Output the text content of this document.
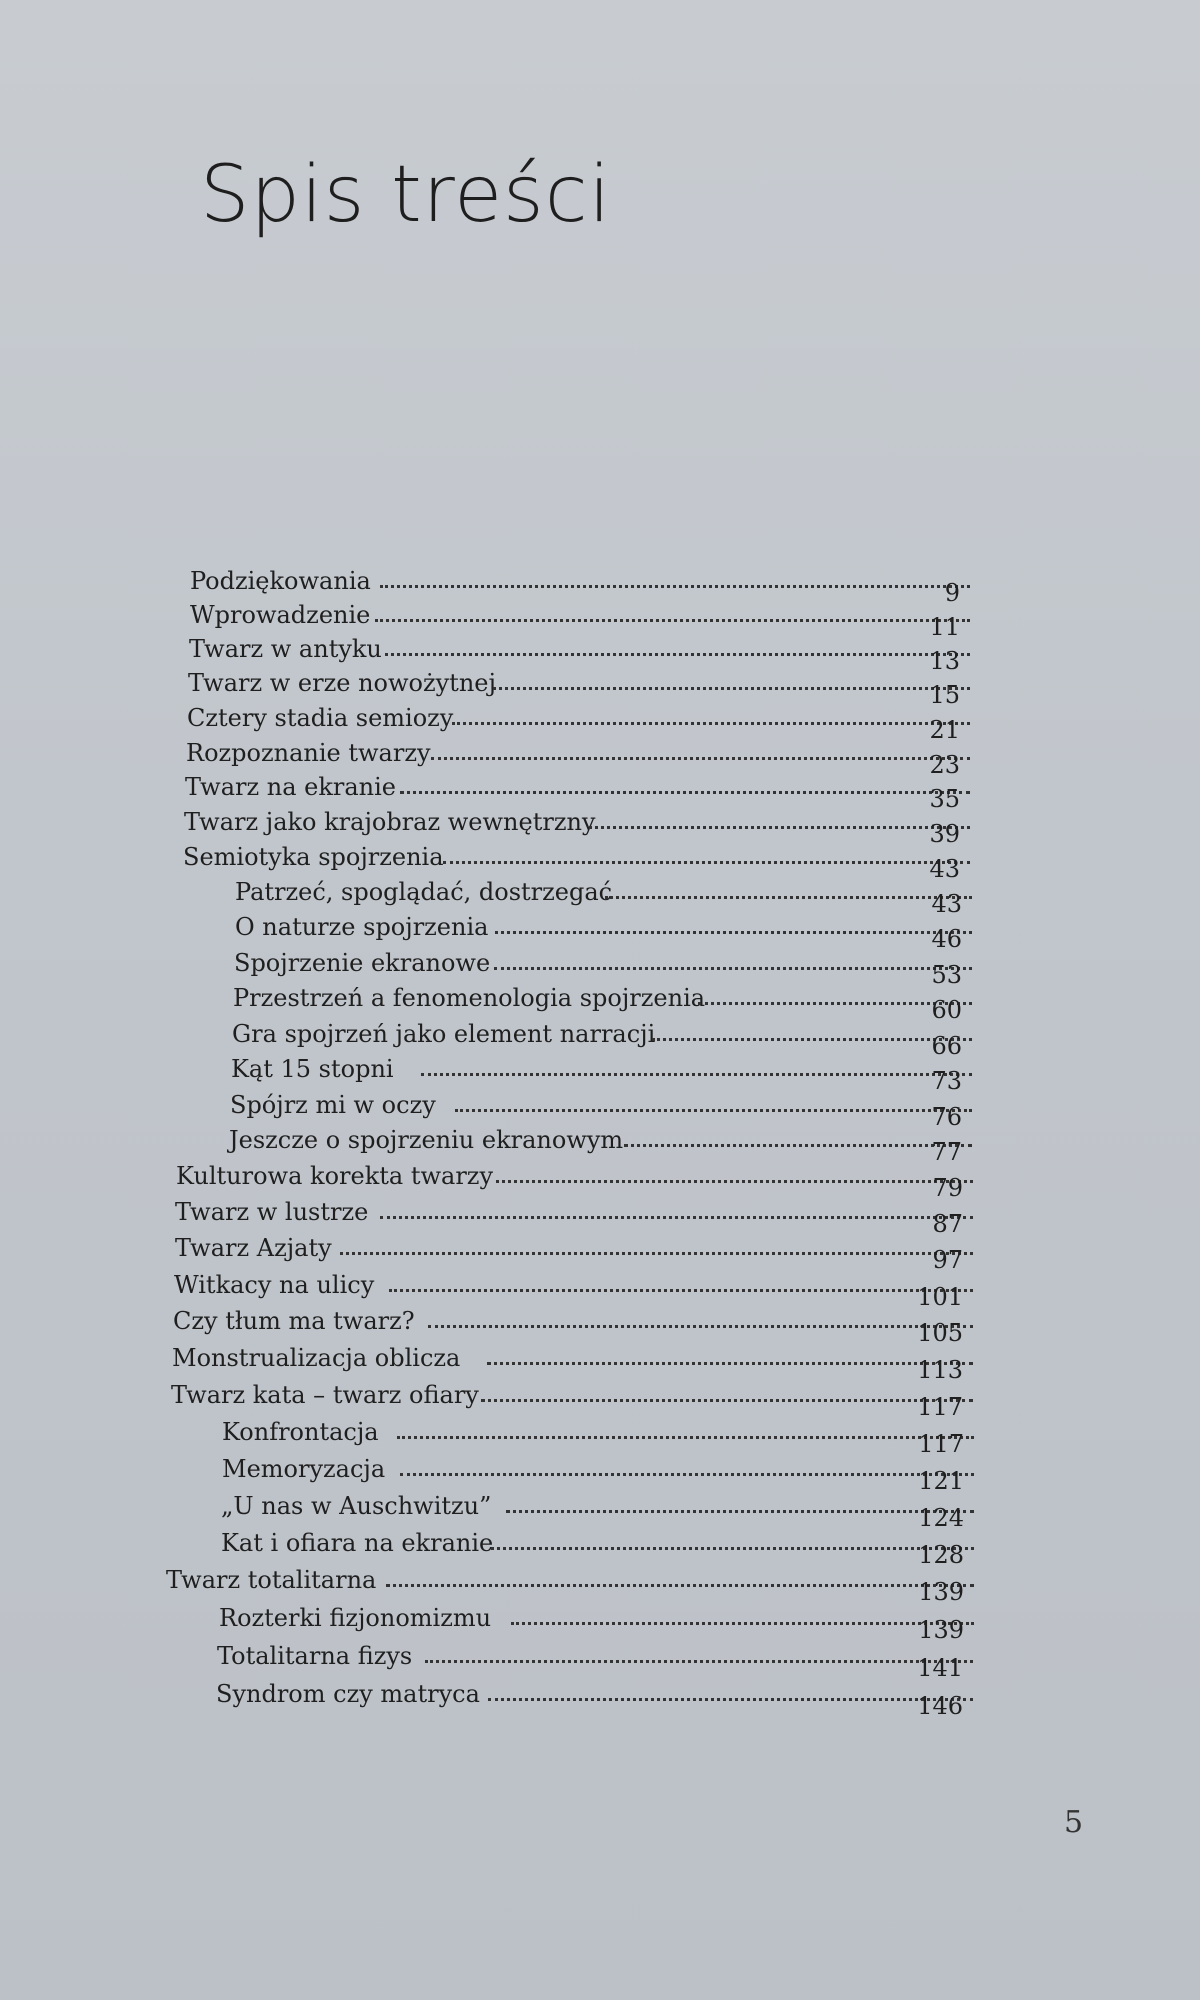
Spis treści
Podziękowania	9
Wprowadzenie	11
Twarz w antyku	13
Twarz w erze nowożytnej	15
Cztery stadia semiozy	21
Rozpoznanie twarzy	23
Twarz na ekranie	35
Twarz jako krajobraz wewnętrzny	39
Semiotyka spojrzenia	43
Patrzeć, spoglądać, dostrzegać	43
O naturze spojrzenia	46
Spojrzenie ekranowe	53
Przestrzeń a fenomenologia spojrzenia	60
Gra spojrzeń jako element narracji	66
Kąt 15 stopni	73
Spójrz mi w oczy	76
Jeszcze o spojrzeniu ekranowym	77
Kulturowa korekta twarzy	79
Twarz w lustrze	87
Twarz Azjaty	97
Witkacy na ulicy	101
Czy tłum ma twarz?	105
Monstrualizacja oblicza	113
Twarz kata – twarz ofiary	117
Konfrontacja	117
Memoryzacja	121
„U nas w Auschwitzu”	124
Kat i ofiara na ekranie	128
Twarz totalitarna	139
Rozterki fizjonomizmu	139
Totalitarna fizys	141
Syndrom czy matryca	146
5
